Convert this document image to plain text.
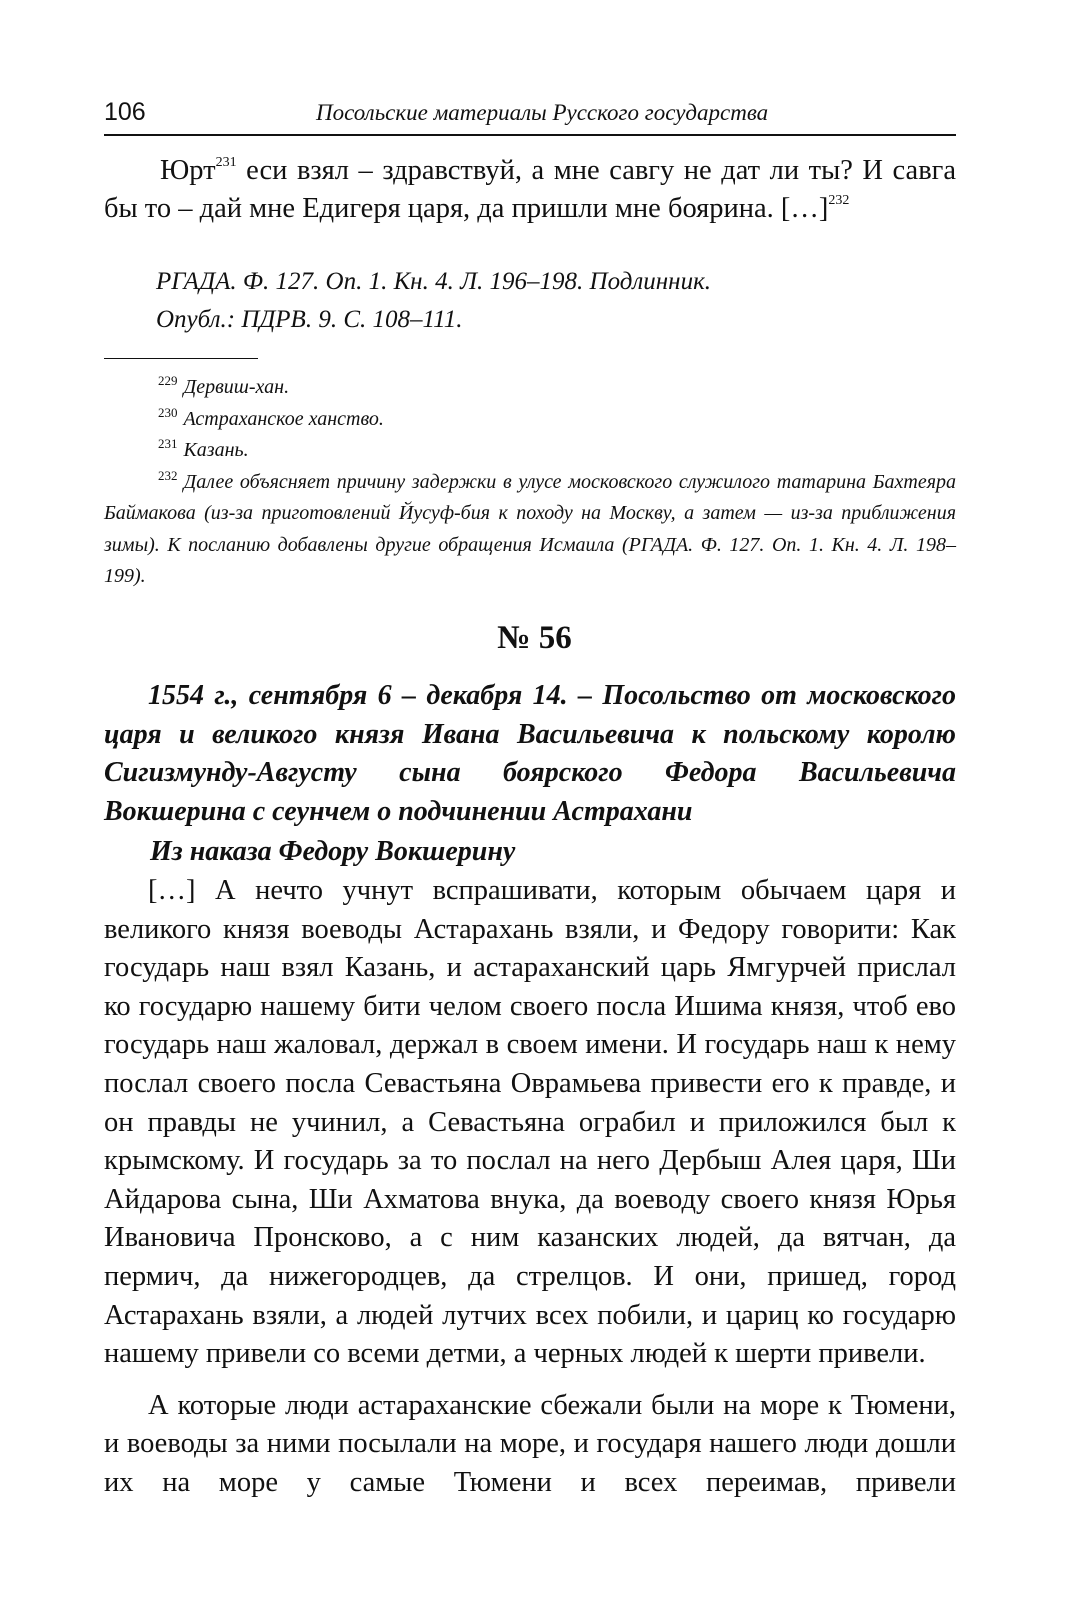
106	Посольские материалы Русского государства
Юрт$^{231}$ еси взял – здравствуй, а мне савгу не дат ли ты? И савга бы то – дай мне Едигеря царя, да пришли мне боярина. […]$^{232}$
РГАДА. Ф. 127. Оп. 1. Кн. 4. Л. 196–198. Подлинник.
Опубл.: ПДРВ. 9. С. 108–111.
$^{229}$ Дервиш-хан.
$^{230}$ Астраханское ханство.
$^{231}$ Казань.
$^{232}$ Далее объясняет причину задержки в улусе московского служилого татарина Бахтеяра Баймакова (из-за приготовлений Йусуф-бия к походу на Москву, а затем — из-за приближения зимы). К посланию добавлены другие обращения Исмаила (РГАДА. Ф. 127. Оп. 1. Кн. 4. Л. 198–199).
№ 56
1554 г., сентября 6 – декабря 14. – Посольство от московского царя и великого князя Ивана Васильевича к польскому королю Сигизмунду-Августу сына боярского Федора Васильевича Вокшерина с сеунчем о подчинении Астрахани
Из наказа Федору Вокшерину

[…] А нечто учнут вспрашивати, которым обычаем царя и великого князя воеводы Астарахань взяли, и Федору говорити: Как государь наш взял Казань, и астараханский царь Ямгурчей прислал ко государю нашему бити челом своего посла Ишима князя, чтоб ево государь наш жаловал, держал в своем имени. И государь наш к нему послал своего посла Севастьяна Оврамьева привести его к правде, и он правды не учинил, а Севастьяна ограбил и приложился был к крымскому. И государь за то послал на него Дербыш Алея царя, Ши Айдарова сына, Ши Ахматова внука, да воеводу своего князя Юрья Ивановича Пронсково, а с ним казанских людей, да вятчан, да пермич, да нижегородцев, да стрелцов. И они, пришед, город Астарахань взяли, а людей лутчих всех побили, и цариц ко государю нашему привели со всеми детми, а черных людей к шерти привели.

А которые люди астараханские сбежали были на море к Тюмени, и воеводы за ними посылали на море, и государя нашего люди дошли их на море у самые Тюмени и всех переимав, привели
